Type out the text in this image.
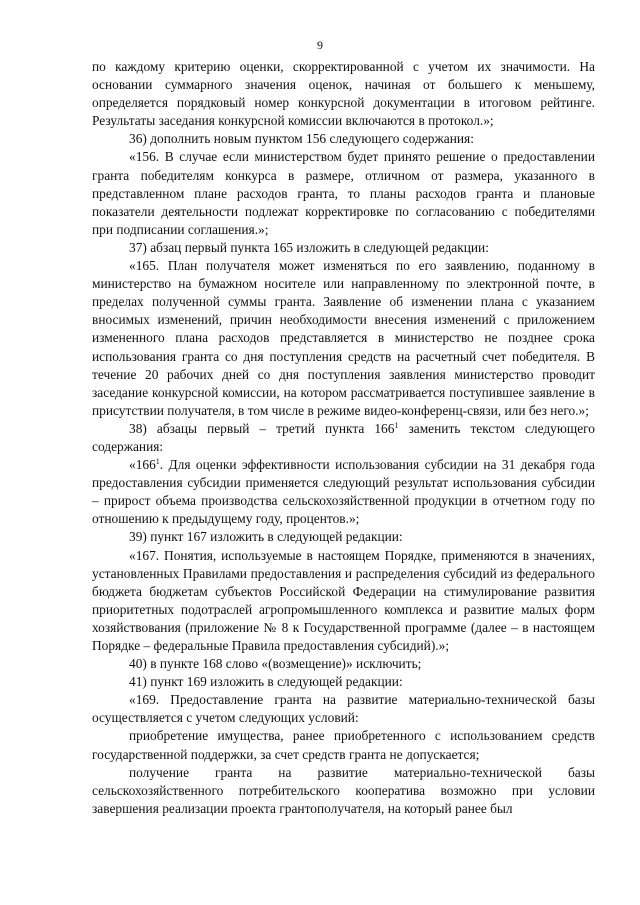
9

по каждому критерию оценки, скорректированной с учетом их значимости. На основании суммарного значения оценок, начиная от большего к меньшему, определяется порядковый номер конкурсной документации в итоговом рейтинге. Результаты заседания конкурсной комиссии включаются в протокол.»;

36) дополнить новым пунктом 156 следующего содержания:

«156. В случае если министерством будет принято решение о предоставлении гранта победителям конкурса в размере, отличном от размера, указанного в представленном плане расходов гранта, то планы расходов гранта и плановые показатели деятельности подлежат корректировке по согласованию с победителями при подписании соглашения.»;

37) абзац первый пункта 165 изложить в следующей редакции:

«165. План получателя может изменяться по его заявлению, поданному в министерство на бумажном носителе или направленному по электронной почте, в пределах полученной суммы гранта. Заявление об изменении плана с указанием вносимых изменений, причин необходимости внесения изменений с приложением измененного плана расходов представляется в министерство не позднее срока использования гранта со дня поступления средств на расчетный счет победителя. В течение 20 рабочих дней со дня поступления заявления министерство проводит заседание конкурсной комиссии, на котором рассматривается поступившее заявление в присутствии получателя, в том числе в режиме видео-конференц-связи, или без него.»;

38) абзацы первый – третий пункта $166^1$ заменить текстом следующего содержания:

«$166^1$. Для оценки эффективности использования субсидии на 31 декабря года предоставления субсидии применяется следующий результат использования субсидии – прирост объема производства сельскохозяйственной продукции в отчетном году по отношению к предыдущему году, процентов.»;

39) пункт 167 изложить в следующей редакции:

«167. Понятия, используемые в настоящем Порядке, применяются в значениях, установленных Правилами предоставления и распределения субсидий из федерального бюджета бюджетам субъектов Российской Федерации на стимулирование развития приоритетных подотраслей агропромышленного комплекса и развитие малых форм хозяйствования (приложение № 8 к Государственной программе (далее – в настоящем Порядке – федеральные Правила предоставления субсидий).»;

40) в пункте 168 слово «(возмещение)» исключить;

41) пункт 169 изложить в следующей редакции:

«169. Предоставление гранта на развитие материально-технической базы осуществляется с учетом следующих условий:

приобретение имущества, ранее приобретенного с использованием средств государственной поддержки, за счет средств гранта не допускается;

получение гранта на развитие материально-технической базы сельскохозяйственного потребительского кооператива возможно при условии завершения реализации проекта грантополучателя, на который ранее был
